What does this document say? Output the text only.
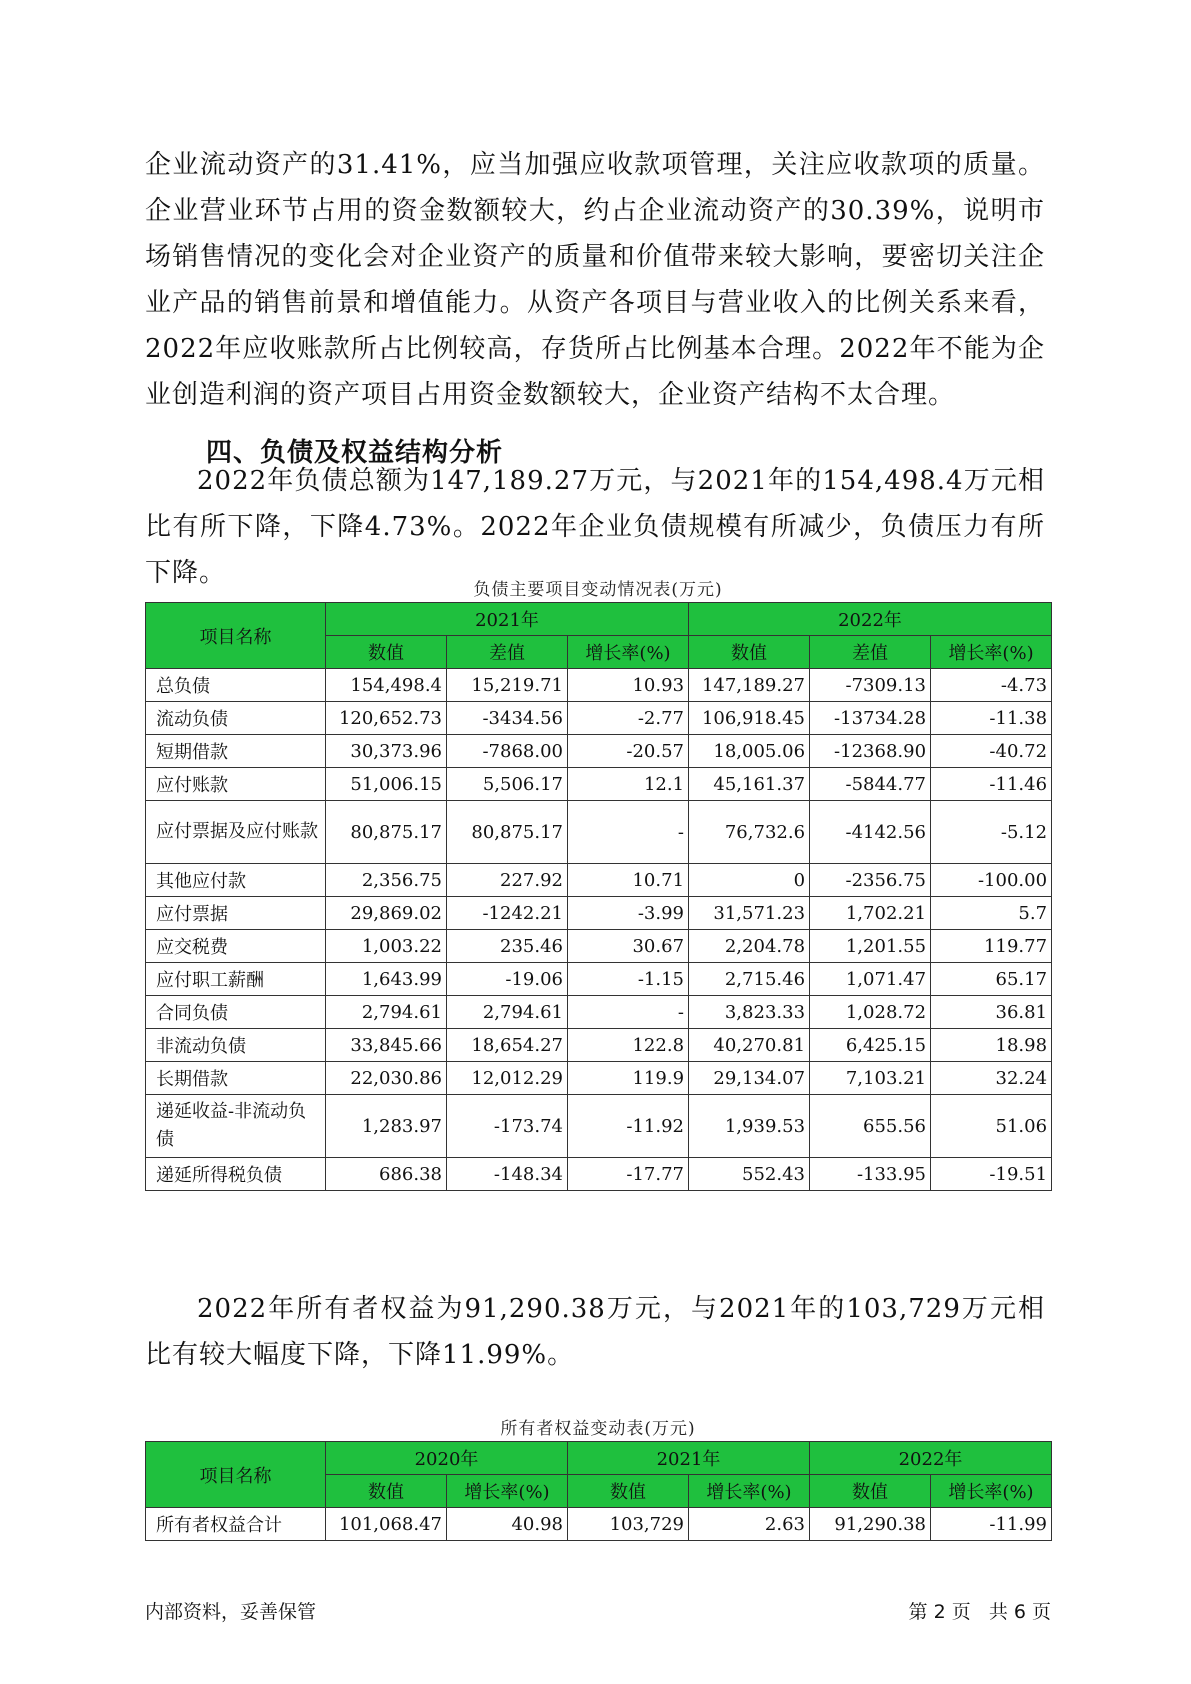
企业流动资产的31.41%，应当加强应收款项管理，关注应收款项的质量。企业营业环节占用的资金数额较大，约占企业流动资产的30.39%，说明市场销售情况的变化会对企业资产的质量和价值带来较大影响，要密切关注企业产品的销售前景和增值能力。从资产各项目与营业收入的比例关系来看，2022年应收账款所占比例较高，存货所占比例基本合理。2022年不能为企业创造利润的资产项目占用资金数额较大，企业资产结构不太合理。

四、负债及权益结构分析

2022年负债总额为147,189.27万元，与2021年的154,498.4万元相比有所下降，下降4.73%。2022年企业负债规模有所减少，负债压力有所下降。

负债主要项目变动情况表(万元)
项目名称	2021年			2022年		
	数值	差值	增长率(%)	数值	差值	增长率(%)
总负债	154,498.4	15,219.71	10.93	147,189.27	-7309.13	-4.73
流动负债	120,652.73	-3434.56	-2.77	106,918.45	-13734.28	-11.38
短期借款	30,373.96	-7868.00	-20.57	18,005.06	-12368.90	-40.72
应付账款	51,006.15	5,506.17	12.1	45,161.37	-5844.77	-11.46
应付票据及应付账款	80,875.17	80,875.17	-	76,732.6	-4142.56	-5.12
其他应付款	2,356.75	227.92	10.71	0	-2356.75	-100.00
应付票据	29,869.02	-1242.21	-3.99	31,571.23	1,702.21	5.7
应交税费	1,003.22	235.46	30.67	2,204.78	1,201.55	119.77
应付职工薪酬	1,643.99	-19.06	-1.15	2,715.46	1,071.47	65.17
合同负债	2,794.61	2,794.61	-	3,823.33	1,028.72	36.81
非流动负债	33,845.66	18,654.27	122.8	40,270.81	6,425.15	18.98
长期借款	22,030.86	12,012.29	119.9	29,134.07	7,103.21	32.24
递延收益-非流动负债	1,283.97	-173.74	-11.92	1,939.53	655.56	51.06
递延所得税负债	686.38	-148.34	-17.77	552.43	-133.95	-19.51

2022年所有者权益为91,290.38万元，与2021年的103,729万元相比有较大幅度下降，下降11.99%。

所有者权益变动表(万元)
项目名称	2020年		2021年		2022年	
	数值	增长率(%)	数值	增长率(%)	数值	增长率(%)
所有者权益合计	101,068.47	40.98	103,729	2.63	91,290.38	-11.99
内部资料，妥善保管	第 2 页   共 6 页
